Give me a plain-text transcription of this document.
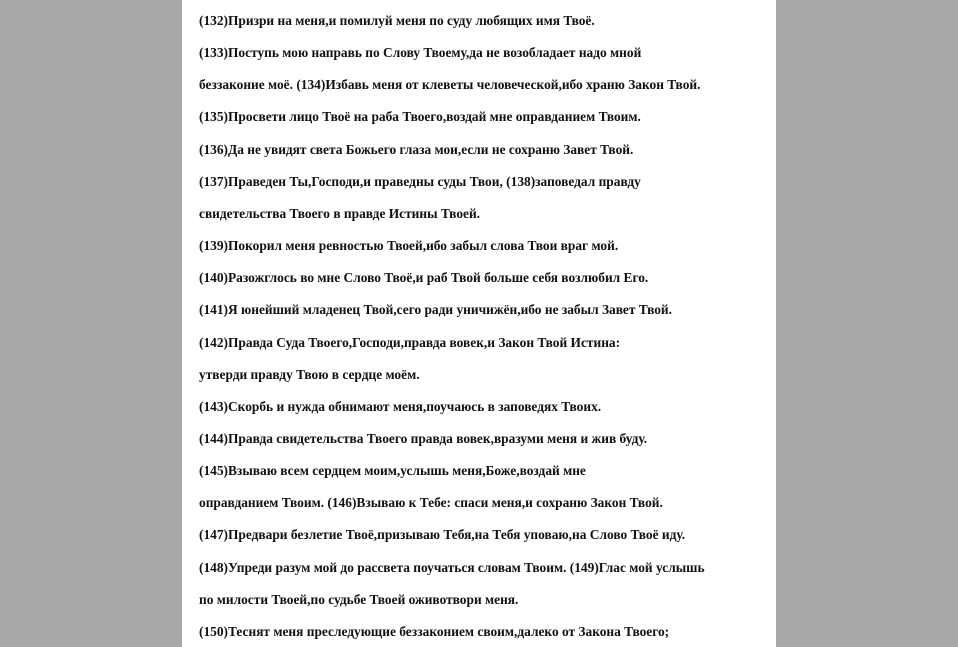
(132)Призри на меня,и помилуй меня по суду любящих имя Твоё.
(133)Поступь мою направь по Слову Твоему,да не возобладает надо мной
беззаконие моё. (134)Избавь меня от клеветы человеческой,ибо храню Закон Твой.
(135)Просвети лицо Твоё на раба Твоего,воздай мне оправданием Твоим.
(136)Да не увидят света Божьего глаза мои,если не сохраню Завет Твой.
(137)Праведен Ты,Господи,и праведны суды Твои, (138)заповедал правду
свидетельства Твоего в правде Истины Твоей.
(139)Покорил меня ревностью Твоей,ибо забыл слова Твои враг мой.
(140)Разожглось во мне Слово Твоё,и раб Твой больше себя возлюбил Его.
(141)Я юнейший младенец Твой,сего ради уничижён,ибо не забыл Завет Твой.
(142)Правда Суда Твоего,Господи,правда вовек,и Закон Твой Истина:
утверди правду Твою в сердце моём.
(143)Скорбь и нужда обнимают меня,поучаюсь в заповедях Твоих.
(144)Правда свидетельства Твоего правда вовек,вразуми меня и жив буду.
(145)Взываю всем сердцем моим,услышь меня,Боже,воздай мне
оправданием Твоим. (146)Взываю к Тебе: спаси меня,и сохраню Закон Твой.
(147)Предвари безлетие Твоё,призываю Тебя,на Тебя уповаю,на Слово Твоё иду.
(148)Упреди разум мой до рассвета поучаться словам Твоим. (149)Глас мой услышь
по милости Твоей,по судьбе Твоей оживотвори меня.
(150)Теснят меня преследующие беззаконием своим,далеко от Закона Твоего;
